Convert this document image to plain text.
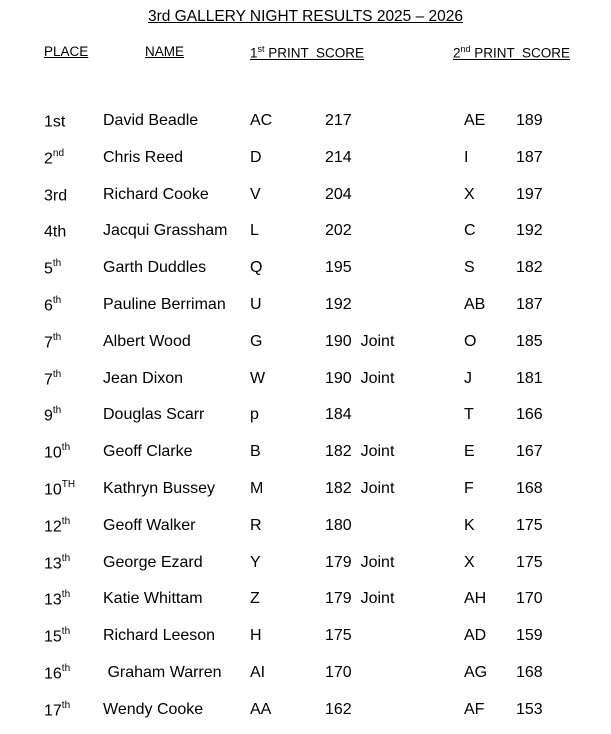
3rd GALLERY NIGHT RESULTS 2025 – 2026
PLACE	NAME	1st PRINT  SCORE	2nd PRINT  SCORE
1st David Beadle	AC	217	AE 189
2nd Chris Reed	D	214	I	187
3rd Richard Cooke	V	204	X	197
4th Jacqui Grassham L	202	C	192
5th	Garth Duddles	Q	195	S	182
6th	Pauline Berriman U	192	AB 187
7th	Albert Wood	G	190  Joint	O 185
7th	Jean Dixon	W	190  Joint	J	181
9th	Douglas Scarr	p	184	T	166
10th Geoff Clarke	B	182  Joint	E	167
10TH Kathryn Bussey M	182  Joint	F	168
12th Geoff Walker	R	180	K	175
13th George Ezard	Y	179  Joint	X	175
13th Katie Whittam	Z	179  Joint	AH 170
15th Richard Leeson H	175	AD 159
16th Graham Warren AI	170	AG 168
17th Wendy Cooke	AA	162	AF 153
